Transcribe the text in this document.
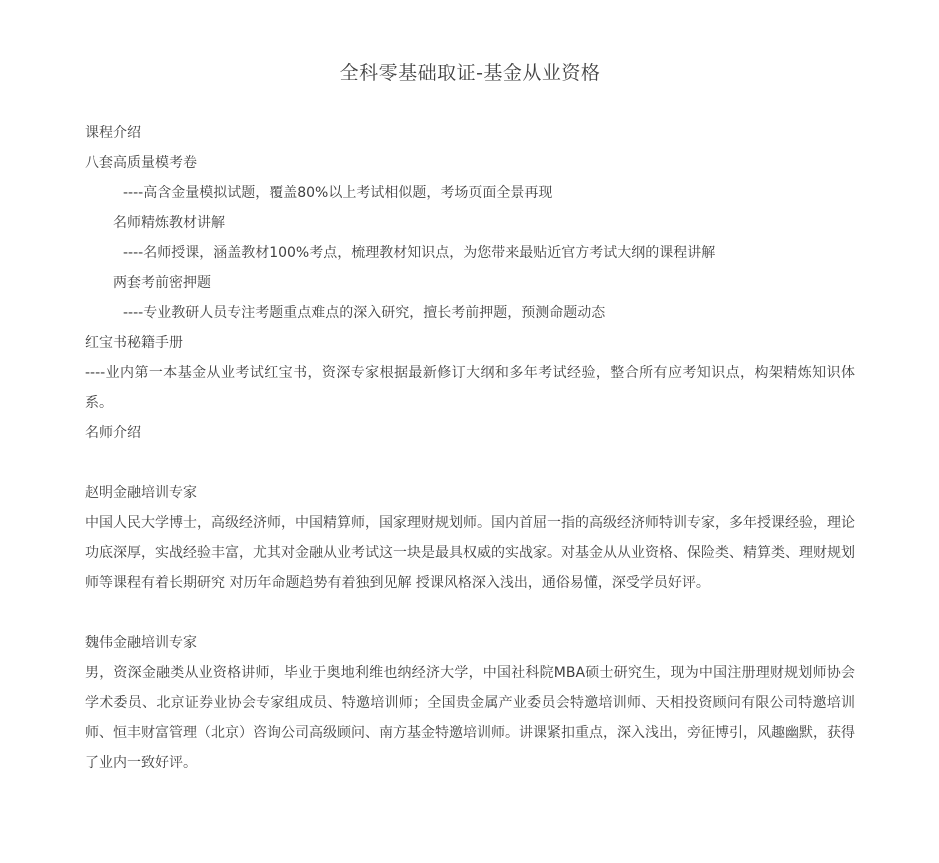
全科零基础取证-基金从业资格
课程介绍
八套高质量模考卷
----高含金量模拟试题，覆盖80%以上考试相似题，考场页面全景再现
名师精炼教材讲解
----名师授课，涵盖教材100%考点，梳理教材知识点，为您带来最贴近官方考试大纲的课程讲解
两套考前密押题
----专业教研人员专注考题重点难点的深入研究，擅长考前押题，预测命题动态
红宝书秘籍手册
----业内第一本基金从业考试红宝书，资深专家根据最新修订大纲和多年考试经验，整合所有应考知识点，构架精炼知识体系。
名师介绍
赵明金融培训专家
中国人民大学博士，高级经济师，中国精算师，国家理财规划师。国内首屈一指的高级经济师特训专家，多年授课经验，理论功底深厚，实战经验丰富，尤其对金融从业考试这一块是最具权威的实战家。对基金从从业资格、保险类、精算类、理财规划师等课程有着长期研究 对历年命题趋势有着独到见解 授课风格深入浅出，通俗易懂，深受学员好评。
魏伟金融培训专家
男，资深金融类从业资格讲师，毕业于奥地利维也纳经济大学，中国社科院MBA硕士研究生，现为中国注册理财规划师协会学术委员、北京证券业协会专家组成员、特邀培训师；全国贵金属产业委员会特邀培训师、天相投资顾问有限公司特邀培训师、恒丰财富管理（北京）咨询公司高级顾问、南方基金特邀培训师。讲课紧扣重点，深入浅出，旁征博引，风趣幽默，获得了业内一致好评。
